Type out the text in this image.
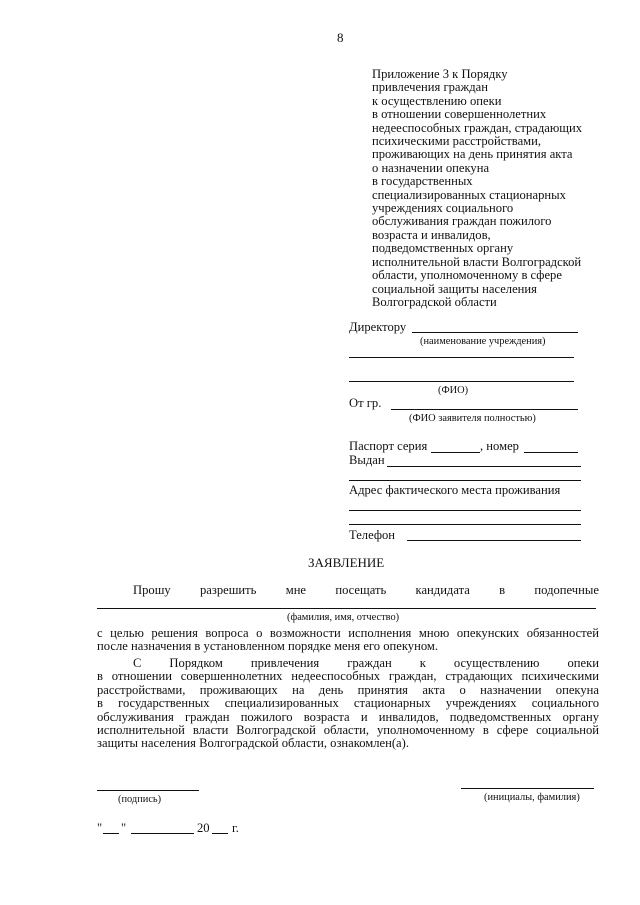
8
Приложение 3 к Порядку
привлечения граждан
к осуществлению опеки
в отношении совершеннолетних
недееспособных граждан, страдающих
психическими расстройствами,
проживающих на день принятия акта
о назначении опекуна
в государственных
специализированных стационарных
учреждениях социального
обслуживания граждан пожилого
возраста и инвалидов,
подведомственных органу
исполнительной власти Волгоградской
области, уполномоченному в сфере
социальной защиты населения
Волгоградской области
Директору
(наименование учреждения)
(ФИО)
От гр.
(ФИО заявителя полностью)
Паспорт серия	, номер
Выдан
Адрес фактического места проживания
Телефон
ЗАЯВЛЕНИЕ
Прошу разрешить мне посещать кандидата в подопечные
(фамилия, имя, отчество)
с целью решения вопроса о возможности исполнения мною опекунских обязанностей
после назначения в установленном порядке меня его опекуном.
С Порядком привлечения граждан к осуществлению опеки
в отношении совершеннолетних недееспособных граждан, страдающих психическими
расстройствами, проживающих на день принятия акта о назначении опекуна
в государственных специализированных стационарных учреждениях социального
обслуживания граждан пожилого возраста и инвалидов, подведомственных органу
исполнительной власти Волгоградской области, уполномоченному в сфере социальной
защиты населения Волгоградской области, ознакомлен(а).
(подпись)	(инициалы, фамилия)
" "	20 г.
